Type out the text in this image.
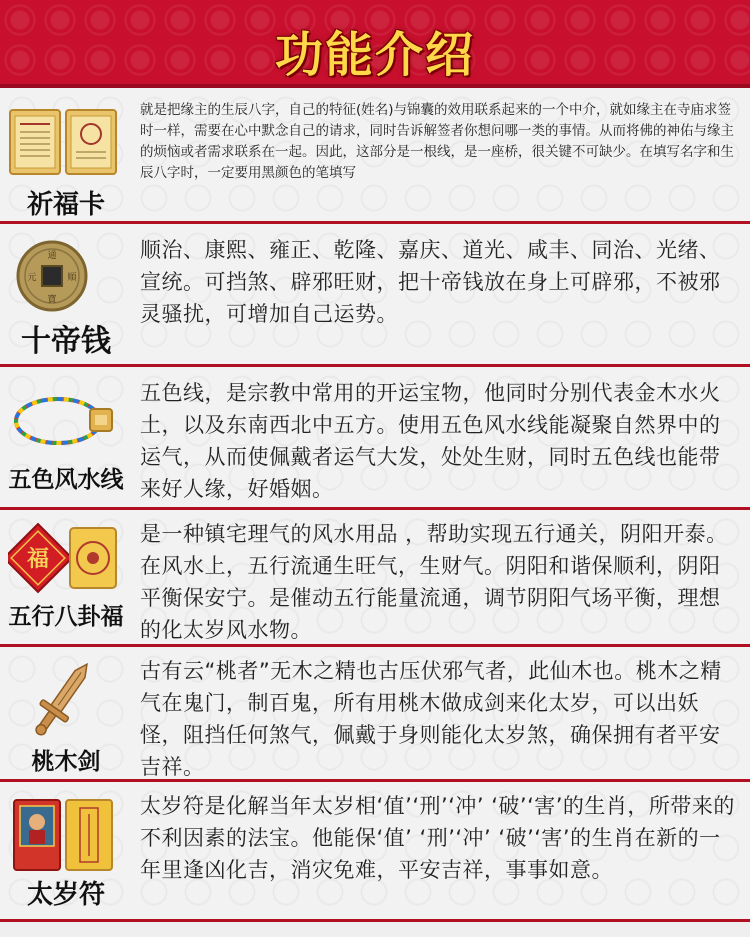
功能介绍
祈福卡
就是把缘主的生辰八字，自己的特征(姓名)与锦囊的效用联系起来的一个中介，就如缘主在寺庙求签时一样，需要在心中默念自己的请求，同时告诉解签者你想问哪一类的事情。从而将佛的神佑与缘主的烦恼或者需求联系在一起。因此，这部分是一根线，是一座桥，很关键不可缺少。在填写名字和生辰八字时，一定要用黑颜色的笔填写
通
寶
元	順
十帝钱
顺治、康熙、雍正、乾隆、嘉庆、道光、咸丰、同治、光绪、宣统。可挡煞、辟邪旺财，把十帝钱放在身上可辟邪，不被邪灵骚扰，可增加自己运势。
五色风水线
五色线，是宗教中常用的开运宝物，他同时分别代表金木水火土，以及东南西北中五方。使用五色风水线能凝聚自然界中的运气，从而使佩戴者运气大发，处处生财，同时五色线也能带来好人缘，好婚姻。
福
五行八卦福
是一种镇宅理气的风水用品 ，帮助实现五行通关，阴阳开泰。在风水上，五行流通生旺气，生财气。阴阳和谐保顺利，阴阳平衡保安宁。是催动五行能量流通，调节阴阳气场平衡，理想的化太岁风水物。
桃木剑
古有云“桃者”无木之精也古压伏邪气者，此仙木也。桃木之精气在鬼门，制百鬼，所有用桃木做成剑来化太岁，可以出妖怪，阻挡任何煞气，佩戴于身则能化太岁煞，确保拥有者平安吉祥。
太岁符
太岁符是化解当年太岁相‘值’‘刑’‘冲’ ‘破’‘害’的生肖，所带来的不利因素的法宝。他能保‘值’ ‘刑’‘冲’ ‘破’‘害’的生肖在新的一年里逢凶化吉，消灾免难，平安吉祥，事事如意。
